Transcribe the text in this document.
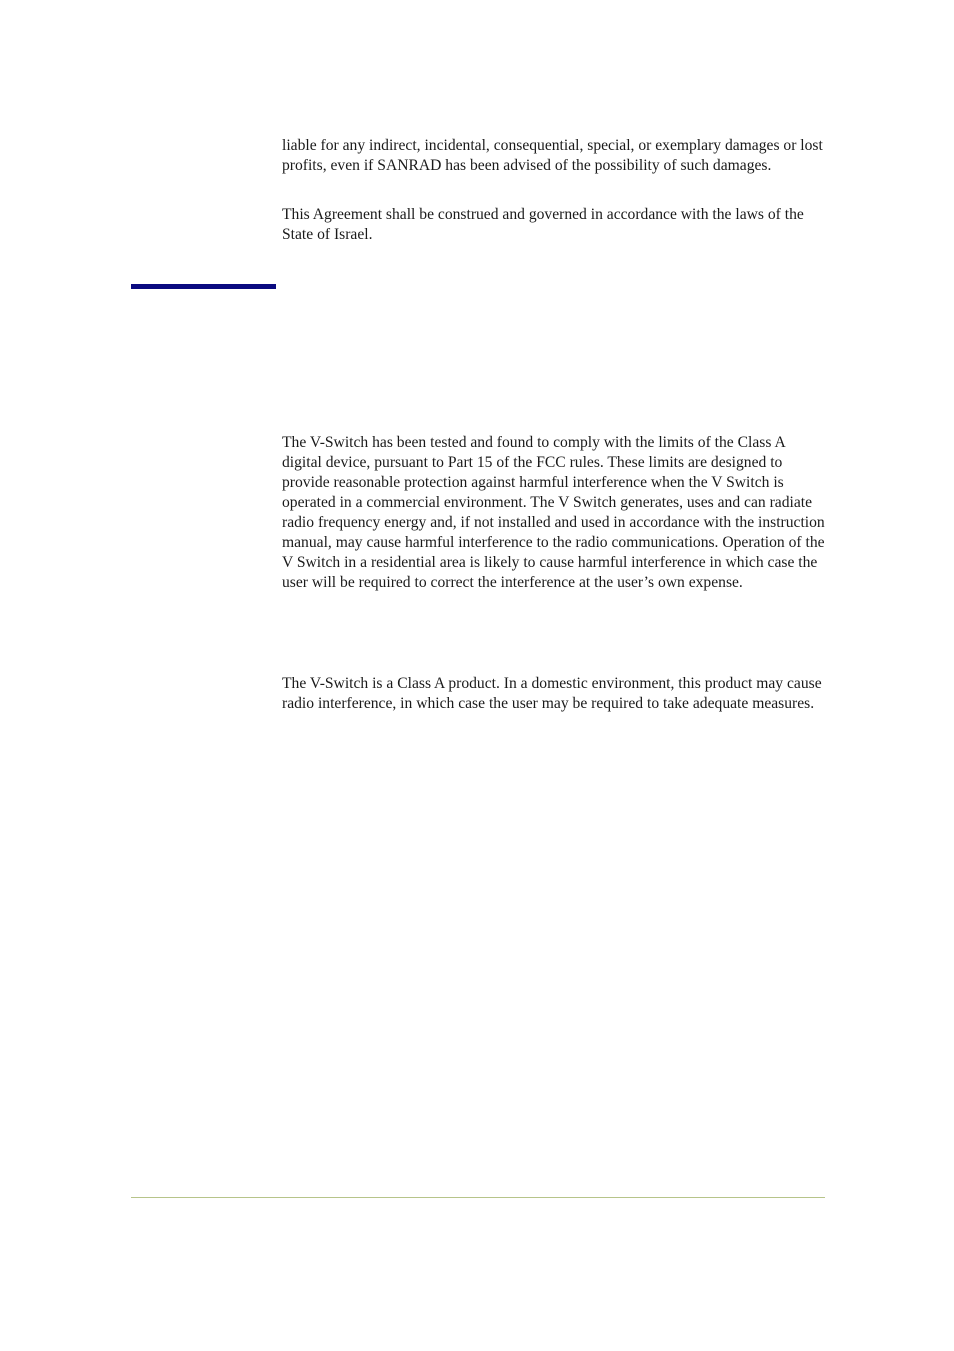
liable for any indirect, incidental, consequential, special, or exemplary damages or lost profits, even if SANRAD has been advised of the possibility of such damages.

This Agreement shall be construed and governed in accordance with the laws of the State of Israel.

The V-Switch has been tested and found to comply with the limits of the Class A digital device, pursuant to Part 15 of the FCC rules. These limits are designed to provide reasonable protection against harmful interference when the V Switch is operated in a commercial environment. The V Switch generates, uses and can radiate radio frequency energy and, if not installed and used in accordance with the instruction manual, may cause harmful interference to the radio communications. Operation of the V Switch in a residential area is likely to cause harmful interference in which case the user will be required to correct the interference at the user’s own expense.

The V-Switch is a Class A product. In a domestic environment, this product may cause radio interference, in which case the user may be required to take adequate measures.
